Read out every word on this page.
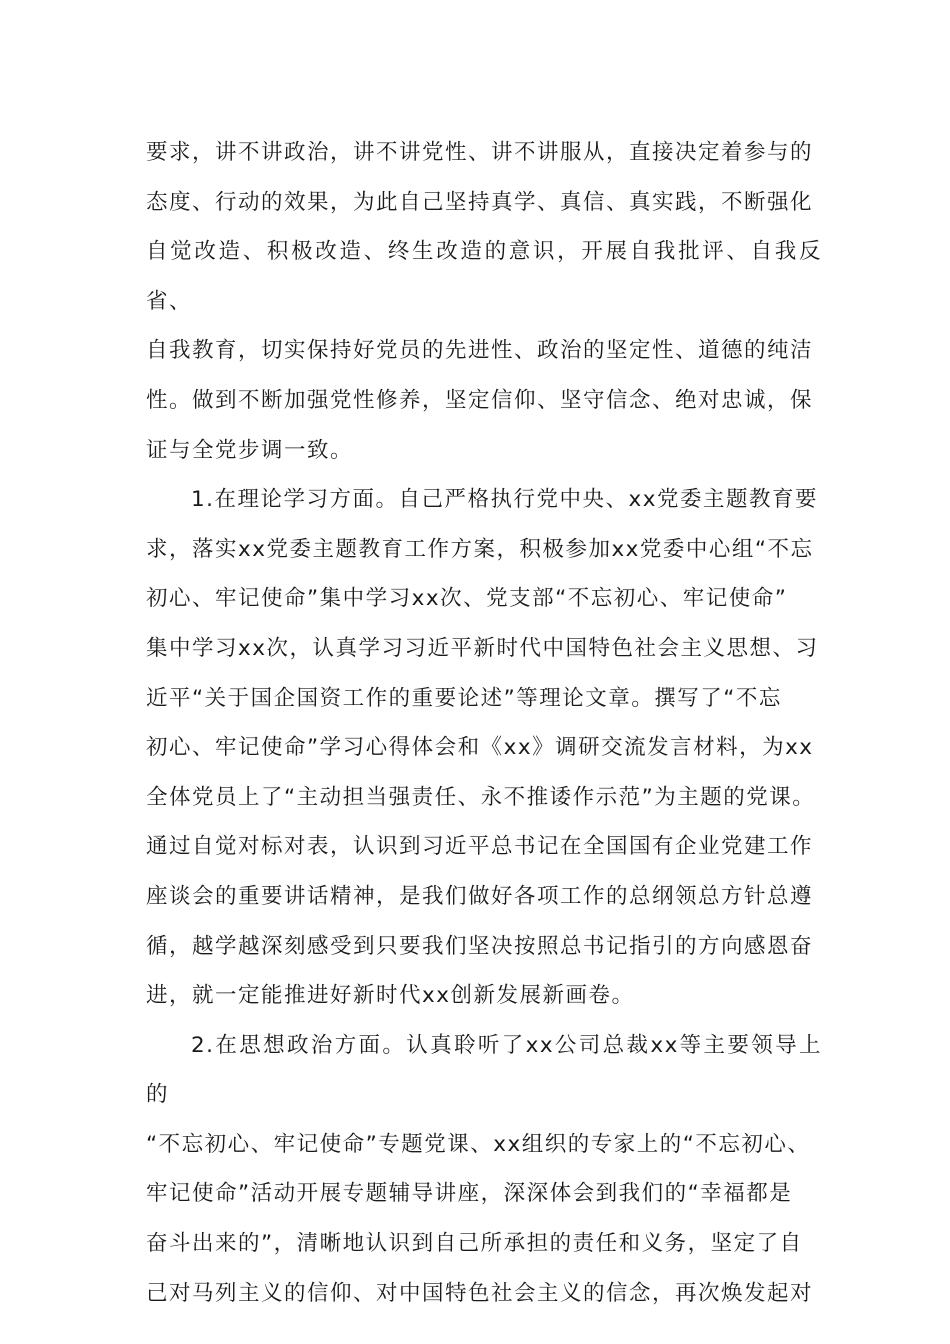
要求，讲不讲政治，讲不讲党性、讲不讲服从，直接决定着参与的
态度、行动的效果，为此自己坚持真学、真信、真实践，不断强化
自觉改造、积极改造、终生改造的意识，开展自我批评、自我反省、
自我教育，切实保持好党员的先进性、政治的坚定性、道德的纯洁
性。做到不断加强党性修养，坚定信仰、坚守信念、绝对忠诚，保
证与全党步调一致。
1.在理论学习方面。自己严格执行党中央、xx党委主题教育要
求，落实xx党委主题教育工作方案，积极参加xx党委中心组“不忘
初心、牢记使命”集中学习xx次、党支部“不忘初心、牢记使命”
集中学习xx次，认真学习习近平新时代中国特色社会主义思想、习
近平“关于国企国资工作的重要论述”等理论文章。撰写了“不忘
初心、牢记使命”学习心得体会和《xx》调研交流发言材料，为xx
全体党员上了“主动担当强责任、永不推诿作示范”为主题的党课。
通过自觉对标对表，认识到习近平总书记在全国国有企业党建工作
座谈会的重要讲话精神，是我们做好各项工作的总纲领总方针总遵
循，越学越深刻感受到只要我们坚决按照总书记指引的方向感恩奋
进，就一定能推进好新时代xx创新发展新画卷。
2.在思想政治方面。认真聆听了xx公司总裁xx等主要领导上的
“不忘初心、牢记使命”专题党课、xx组织的专家上的“不忘初心、
牢记使命”活动开展专题辅导讲座，深深体会到我们的“幸福都是
奋斗出来的”，清晰地认识到自己所承担的责任和义务，坚定了自
己对马列主义的信仰、对中国特色社会主义的信念，再次焕发起对
